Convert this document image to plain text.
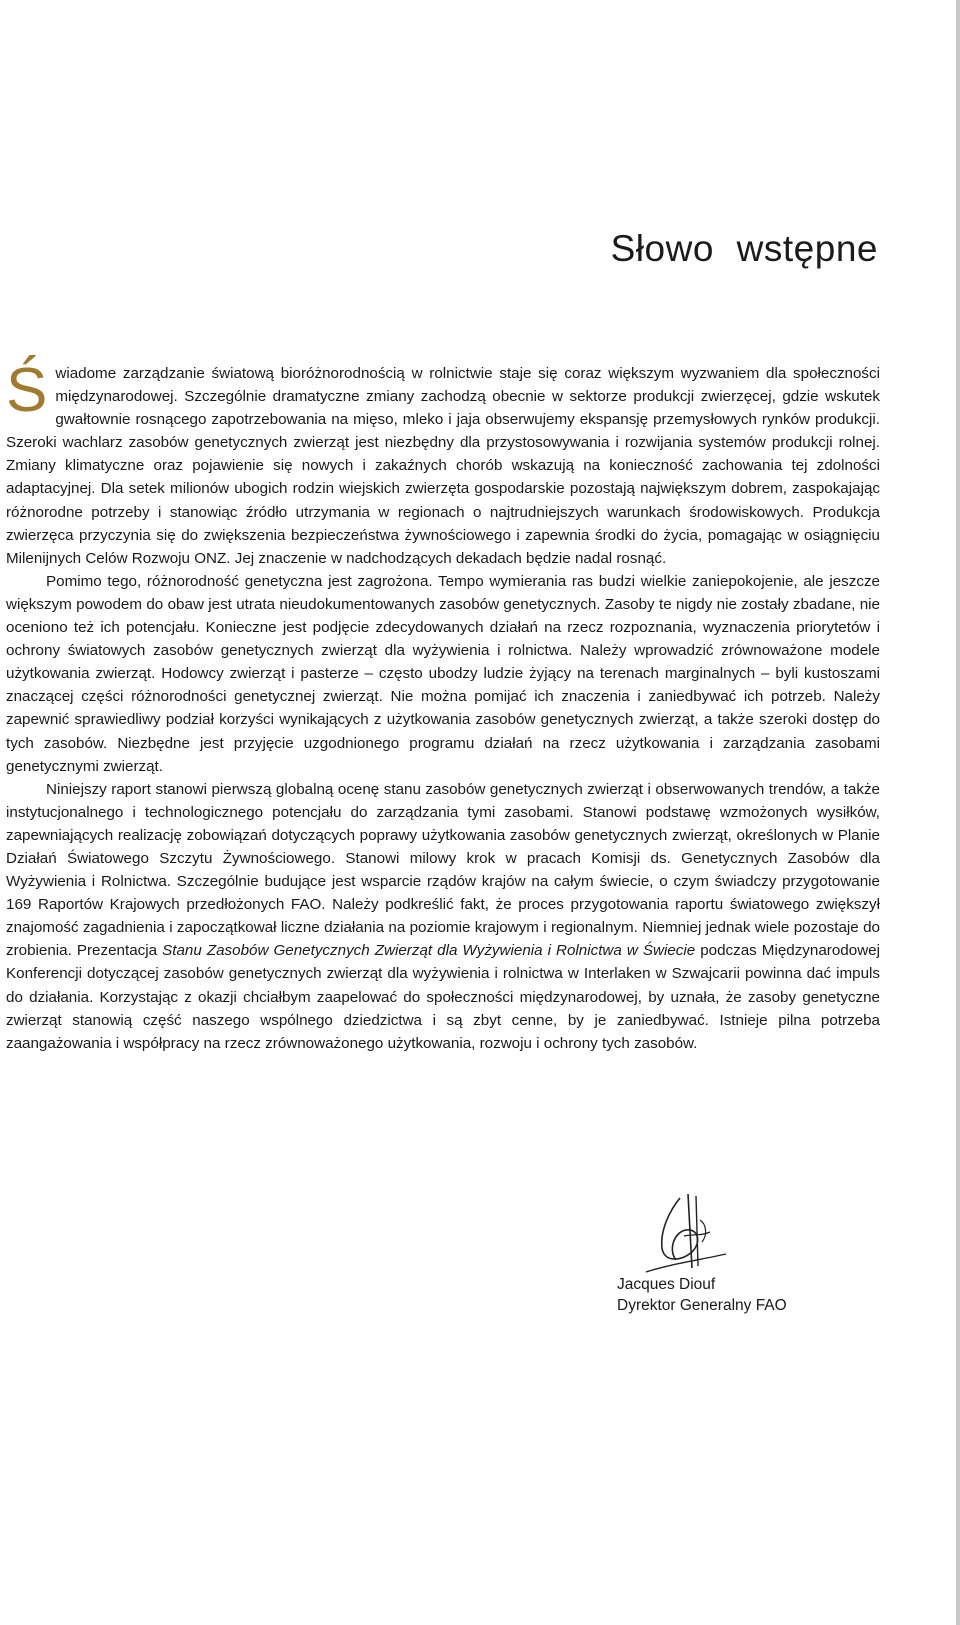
Słowo wstępne

Świadome zarządzanie światową bioróżnorodnością w rolnictwie staje się coraz większym wyzwaniem dla społeczności międzynarodowej. Szczególnie dramatyczne zmiany zachodzą obecnie w sektorze produkcji zwierzęcej, gdzie wskutek gwałtownie rosnącego zapotrzebowania na mięso, mleko i jaja obserwujemy ekspansję przemysłowych rynków produkcji. Szeroki wachlarz zasobów genetycznych zwierząt jest niezbędny dla przystosowywania i rozwijania systemów produkcji rolnej. Zmiany klimatyczne oraz pojawienie się nowych i zakaźnych chorób wskazują na konieczność zachowania tej zdolności adaptacyjnej. Dla setek milionów ubogich rodzin wiejskich zwierzęta gospodarskie pozostają największym dobrem, zaspokajając różnorodne potrzeby i stanowiąc źródło utrzymania w regionach o najtrudniejszych warunkach środowiskowych. Produkcja zwierzęca przyczynia się do zwiększenia bezpieczeństwa żywnościowego i zapewnia środki do życia, pomagając w osiągnięciu Milenijnych Celów Rozwoju ONZ. Jej znaczenie w nadchodzących dekadach będzie nadal rosnąć.

Pomimo tego, różnorodność genetyczna jest zagrożona. Tempo wymierania ras budzi wielkie zaniepokojenie, ale jeszcze większym powodem do obaw jest utrata nieudokumentowanych zasobów genetycznych. Zasoby te nigdy nie zostały zbadane, nie oceniono też ich potencjału. Konieczne jest podjęcie zdecydowanych działań na rzecz rozpoznania, wyznaczenia priorytetów i ochrony światowych zasobów genetycznych zwierząt dla wyżywienia i rolnictwa. Należy wprowadzić zrównoważone modele użytkowania zwierząt. Hodowcy zwierząt i pasterze – często ubodzy ludzie żyjący na terenach marginalnych – byli kustoszami znaczącej części różnorodności genetycznej zwierząt. Nie można pomijać ich znaczenia i zaniedbywać ich potrzeb. Należy zapewnić sprawiedliwy podział korzyści wynikających z użytkowania zasobów genetycznych zwierząt, a także szeroki dostęp do tych zasobów. Niezbędne jest przyjęcie uzgodnionego programu działań na rzecz użytkowania i zarządzania zasobami genetycznymi zwierząt.

Niniejszy raport stanowi pierwszą globalną ocenę stanu zasobów genetycznych zwierząt i obserwowanych trendów, a także instytucjonalnego i technologicznego potencjału do zarządzania tymi zasobami. Stanowi podstawę wzmożonych wysiłków, zapewniających realizację zobowiązań dotyczących poprawy użytkowania zasobów genetycznych zwierząt, określonych w Planie Działań Światowego Szczytu Żywnościowego. Stanowi milowy krok w pracach Komisji ds. Genetycznych Zasobów dla Wyżywienia i Rolnictwa. Szczególnie budujące jest wsparcie rządów krajów na całym świecie, o czym świadczy przygotowanie 169 Raportów Krajowych przedłożonych FAO. Należy podkreślić fakt, że proces przygotowania raportu światowego zwiększył znajomość zagadnienia i zapoczątkował liczne działania na poziomie krajowym i regionalnym. Niemniej jednak wiele pozostaje do zrobienia. Prezentacja Stanu Zasobów Genetycznych Zwierząt dla Wyżywienia i Rolnictwa w Świecie podczas Międzynarodowej Konferencji dotyczącej zasobów genetycznych zwierząt dla wyżywienia i rolnictwa w Interlaken w Szwajcarii powinna dać impuls do działania. Korzystając z okazji chciałbym zaapelować do społeczności międzynarodowej, by uznała, że zasoby genetyczne zwierząt stanowią część naszego wspólnego dziedzictwa i są zbyt cenne, by je zaniedbywać. Istnieje pilna potrzeba zaangażowania i współpracy na rzecz zrównoważonego użytkowania, rozwoju i ochrony tych zasobów.

Jacques Diouf
Dyrektor Generalny FAO
